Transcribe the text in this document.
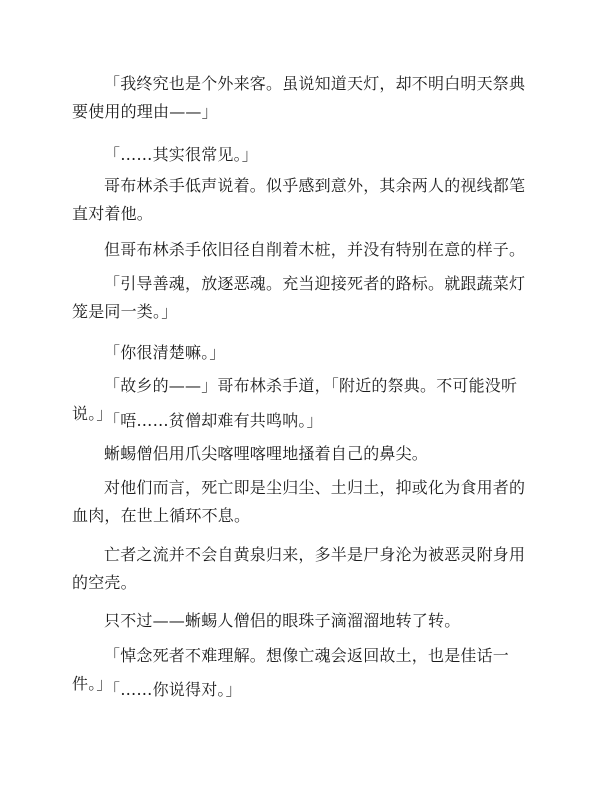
「我终究也是个外来客。虽说知道天灯，却不明白明天祭典要使用的理由——」

「……其实很常见。」

哥布林杀手低声说着。似乎感到意外，其余两人的视线都笔直对着他。

但哥布林杀手依旧径自削着木桩，并没有特别在意的样子。

「引导善魂，放逐恶魂。充当迎接死者的路标。就跟蔬菜灯笼是同一类。」

「你很清楚嘛。」

「故乡的——」哥布林杀手道，「附近的祭典。不可能没听说。」

「唔……贫僧却难有共鸣呐。」

蜥蜴僧侣用爪尖喀哩喀哩地搔着自己的鼻尖。

对他们而言，死亡即是尘归尘、土归土，抑或化为食用者的血肉，在世上循环不息。

亡者之流并不会自黄泉归来，多半是尸身沦为被恶灵附身用的空壳。

只不过——蜥蜴人僧侣的眼珠子滴溜溜地转了转。

「悼念死者不难理解。想像亡魂会返回故土，也是佳话一件。」

「……你说得对。」
